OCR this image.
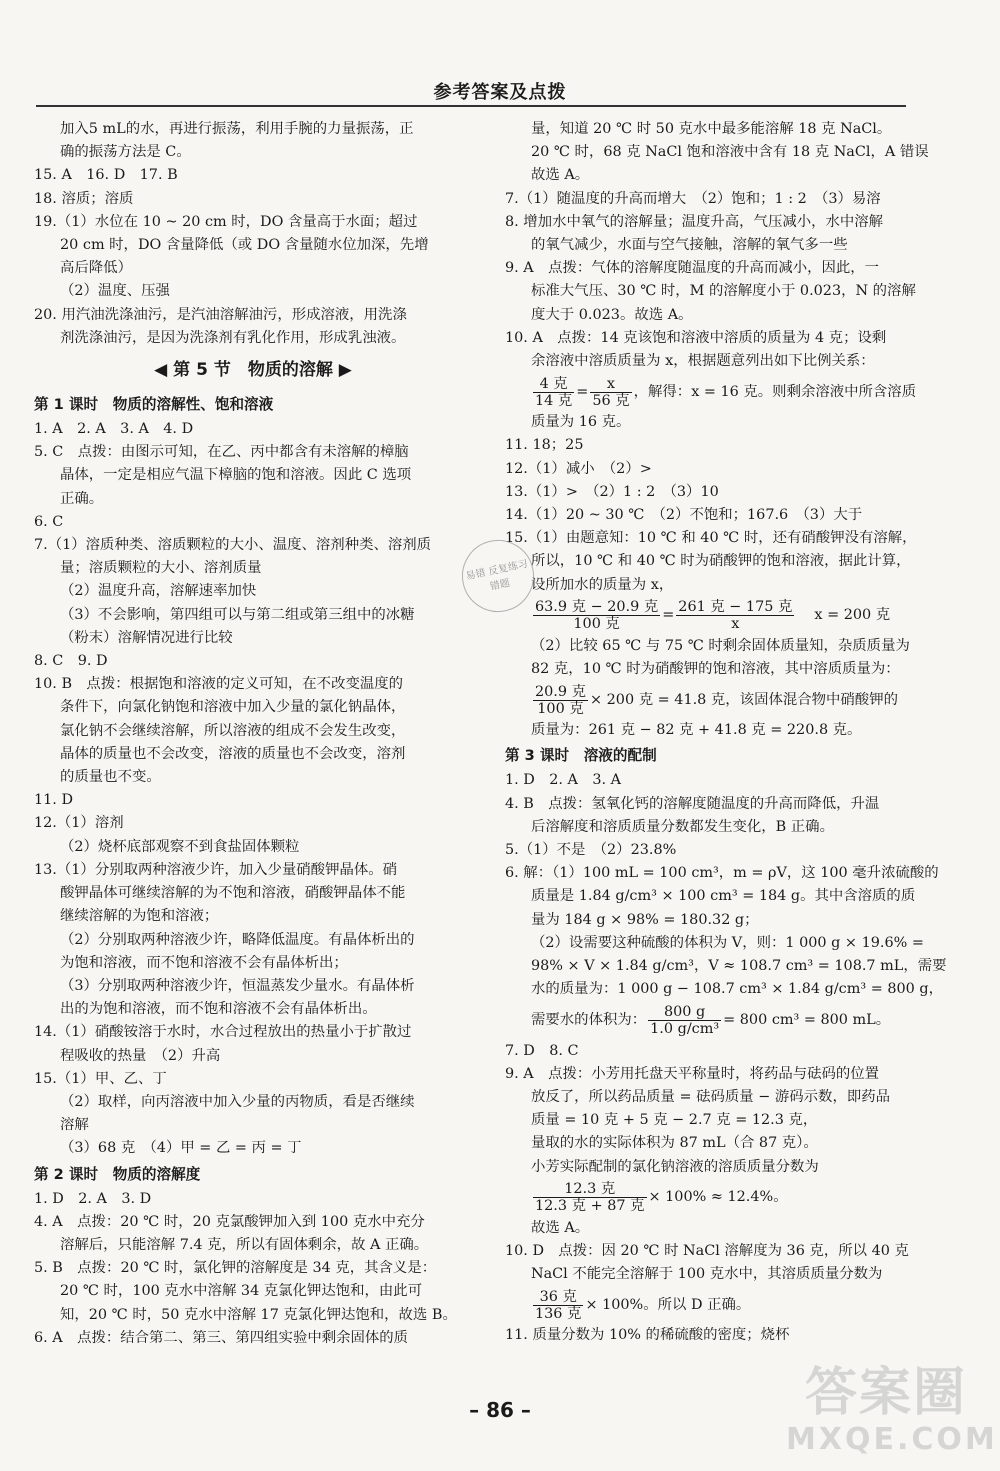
参考答案及点拨
加入5 mL的水，再进行振荡，利用手腕的力量振荡，正
确的振荡方法是 C。
15. A　16. D　17. B
18. 溶质；溶质
19.（1）水位在 10 ~ 20 cm 时，DO 含量高于水面；超过
20 cm 时，DO 含量降低（或 DO 含量随水位加深，先增
高后降低）
（2）温度、压强
20. 用汽油洗涤油污，是汽油溶解油污，形成溶液，用洗涤
剂洗涤油污，是因为洗涤剂有乳化作用，形成乳浊液。
◀ 第 5 节　物质的溶解 ▶
第 1 课时　物质的溶解性、饱和溶液
1. A　2. A　3. A　4. D
5. C　点拨：由图示可知，在乙、丙中都含有未溶解的樟脑
晶体，一定是相应气温下樟脑的饱和溶液。因此 C 选项
正确。
6. C
7.（1）溶质种类、溶质颗粒的大小、温度、溶剂种类、溶剂质
量；溶质颗粒的大小、溶剂质量
（2）温度升高，溶解速率加快
（3）不会影响，第四组可以与第二组或第三组中的冰糖
（粉末）溶解情况进行比较
8. C　9. D
10. B　点拨：根据饱和溶液的定义可知，在不改变温度的
条件下，向氯化钠饱和溶液中加入少量的氯化钠晶体，
氯化钠不会继续溶解，所以溶液的组成不会发生改变，
晶体的质量也不会改变，溶液的质量也不会改变，溶剂
的质量也不变。
11. D
12.（1）溶剂
（2）烧杯底部观察不到食盐固体颗粒
13.（1）分别取两种溶液少许，加入少量硝酸钾晶体。硝
酸钾晶体可继续溶解的为不饱和溶液，硝酸钾晶体不能
继续溶解的为饱和溶液；
（2）分别取两种溶液少许，略降低温度。有晶体析出的
为饱和溶液，而不饱和溶液不会有晶体析出；
（3）分别取两种溶液少许，恒温蒸发少量水。有晶体析
出的为饱和溶液，而不饱和溶液不会有晶体析出。
14.（1）硝酸铵溶于水时，水合过程放出的热量小于扩散过
程吸收的热量　（2）升高
15.（1）甲、乙、丁
（2）取样，向丙溶液中加入少量的丙物质，看是否继续
溶解
（3）68 克　（4）甲 = 乙 = 丙 = 丁
第 2 课时　物质的溶解度
1. D　2. A　3. D
4. A　点拨：20 ℃ 时，20 克氯酸钾加入到 100 克水中充分
溶解后，只能溶解 7.4 克，所以有固体剩余，故 A 正确。
5. B　点拨：20 ℃ 时，氯化钾的溶解度是 34 克，其含义是：
20 ℃ 时，100 克水中溶解 34 克氯化钾达饱和，由此可
知，20 ℃ 时，50 克水中溶解 17 克氯化钾达饱和，故选 B。
6. A　点拨：结合第二、第三、第四组实验中剩余固体的质
量，知道 20 ℃ 时 50 克水中最多能溶解 18 克 NaCl。
20 ℃ 时，68 克 NaCl 饱和溶液中含有 18 克 NaCl，A 错误
故选 A。
7.（1）随温度的升高而增大　（2）饱和；1 : 2　（3）易溶
8. 增加水中氧气的溶解量；温度升高，气压减小，水中溶解
的氧气减少，水面与空气接触，溶解的氧气多一些
9. A　点拨：气体的溶解度随温度的升高而减小，因此，一
标准大气压、30 ℃ 时，M 的溶解度小于 0.023，N 的溶解
度大于 0.023。故选 A。
10. A　点拨：14 克该饱和溶液中溶质的质量为 4 克；设剩
余溶液中溶质质量为 x，根据题意列出如下比例关系：
$\frac{\text{4 克}}{\text{14 克}} = \frac{x}{\text{56 克}}$ ，解得：x = 16 克。则剩余溶液中所含溶质
质量为 16 克。
11. 18；25
12.（1）减小　（2）>
13.（1）>　（2）1 : 2　（3）10
14.（1）20 ~ 30 ℃　（2）不饱和；167.6　（3）大于
15.（1）由题意知：10 ℃ 和 40 ℃ 时，还有硝酸钾没有溶解，
所以，10 ℃ 和 40 ℃ 时为硝酸钾的饱和溶液，据此计算，
设所加水的质量为 x，
$\frac{\text{63.9 克 − 20.9 克}}{\text{100 克}} = \frac{\text{261 克 − 175 克}}{x}$ x = 200 克
（2）比较 65 ℃ 与 75 ℃ 时剩余固体质量知，杂质质量为
82 克，10 ℃ 时为硝酸钾的饱和溶液，其中溶质质量为：
$\frac{\text{20.9 克}}{\text{100 克}} \times 200$ 克 = 41.8 克，该固体混合物中硝酸钾的
质量为：261 克 − 82 克 + 41.8 克 = 220.8 克。
第 3 课时　溶液的配制
1. D　2. A　3. A
4. B　点拨：氢氧化钙的溶解度随温度的升高而降低，升温
后溶解度和溶质质量分数都发生变化，B 正确。
5.（1）不是　（2）23.8%
6. 解：（1）100 mL = 100 cm³，m = ρV，这 100 毫升浓硫酸的
质量是 1.84 g/cm³ × 100 cm³ = 184 g。其中含溶质的质
量为 184 g × 98% = 180.32 g；
（2）设需要这种硫酸的体积为 V，则：1 000 g × 19.6% =
98% × V × 1.84 g/cm³，V ≈ 108.7 cm³ = 108.7 mL，需要
水的质量为：1 000 g − 108.7 cm³ × 1.84 g/cm³ = 800 g，
需要水的体积为： $\frac{800 g}{\text{1.0 g/cm³}} = 800$ cm³ = 800 mL。
7. D　8. C
9. A　点拨：小芳用托盘天平称量时，将药品与砝码的位置
放反了，所以药品质量 = 砝码质量 − 游码示数，即药品
质量 = 10 克 + 5 克 − 2.7 克 = 12.3 克，
量取的水的实际体积为 87 mL（合 87 克）。
小芳实际配制的氯化钠溶液的溶质质量分数为
$\frac{\text{12.3 克}}{\text{12.3 克 + 87 克}} \times 100\% \approx 12.4\%$。
故选 A。
10. D　点拨：因 20 ℃ 时 NaCl 溶解度为 36 克，所以 40 克
NaCl 不能完全溶解于 100 克水中，其溶质质量分数为
$\frac{\text{36 克}}{\text{136 克}} \times 100\%$。所以 D 正确。
11. 质量分数为 10% 的稀硫酸的密度；烧杯
易错 反复练习 错题
– 86 –	答案圈
MXQE.COM
